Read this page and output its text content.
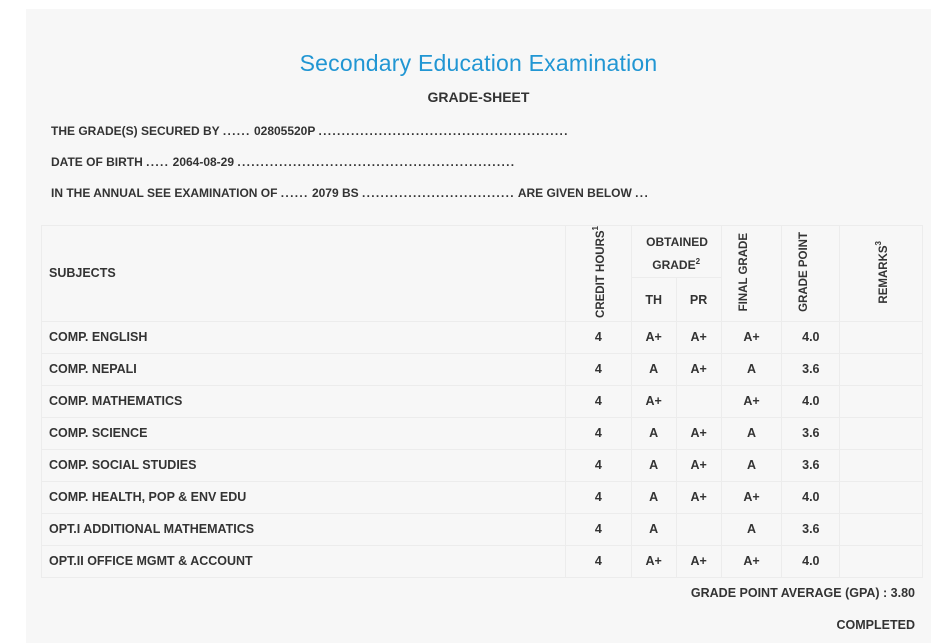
Secondary Education Examination
GRADE-SHEET
THE GRADE(S) SECURED BY ...... 02805520P ......................................................
DATE OF BIRTH ..... 2064-08-29 ............................................................
IN THE ANNUAL SEE EXAMINATION OF ...... 2079 BS ................................. ARE GIVEN BELOW ...
SUBJECTS	CREDIT HOURS$^1$	OBTAINED GRADE$^2$		FINAL GRADE	GRADE POINT	REMARKS$^3$
		TH	PR			
COMP. ENGLISH	4	A+	A+	A+	4.0	
COMP. NEPALI	4	A	A+	A	3.6	
COMP. MATHEMATICS	4	A+		A+	4.0	
COMP. SCIENCE	4	A	A+	A	3.6	
COMP. SOCIAL STUDIES	4	A	A+	A	3.6	
COMP. HEALTH, POP & ENV EDU	4	A	A+	A+	4.0	
OPT.I ADDITIONAL MATHEMATICS	4	A		A	3.6	
OPT.II OFFICE MGMT & ACCOUNT	4	A+	A+	A+	4.0	
GRADE POINT AVERAGE (GPA) : 3.80
COMPLETED
